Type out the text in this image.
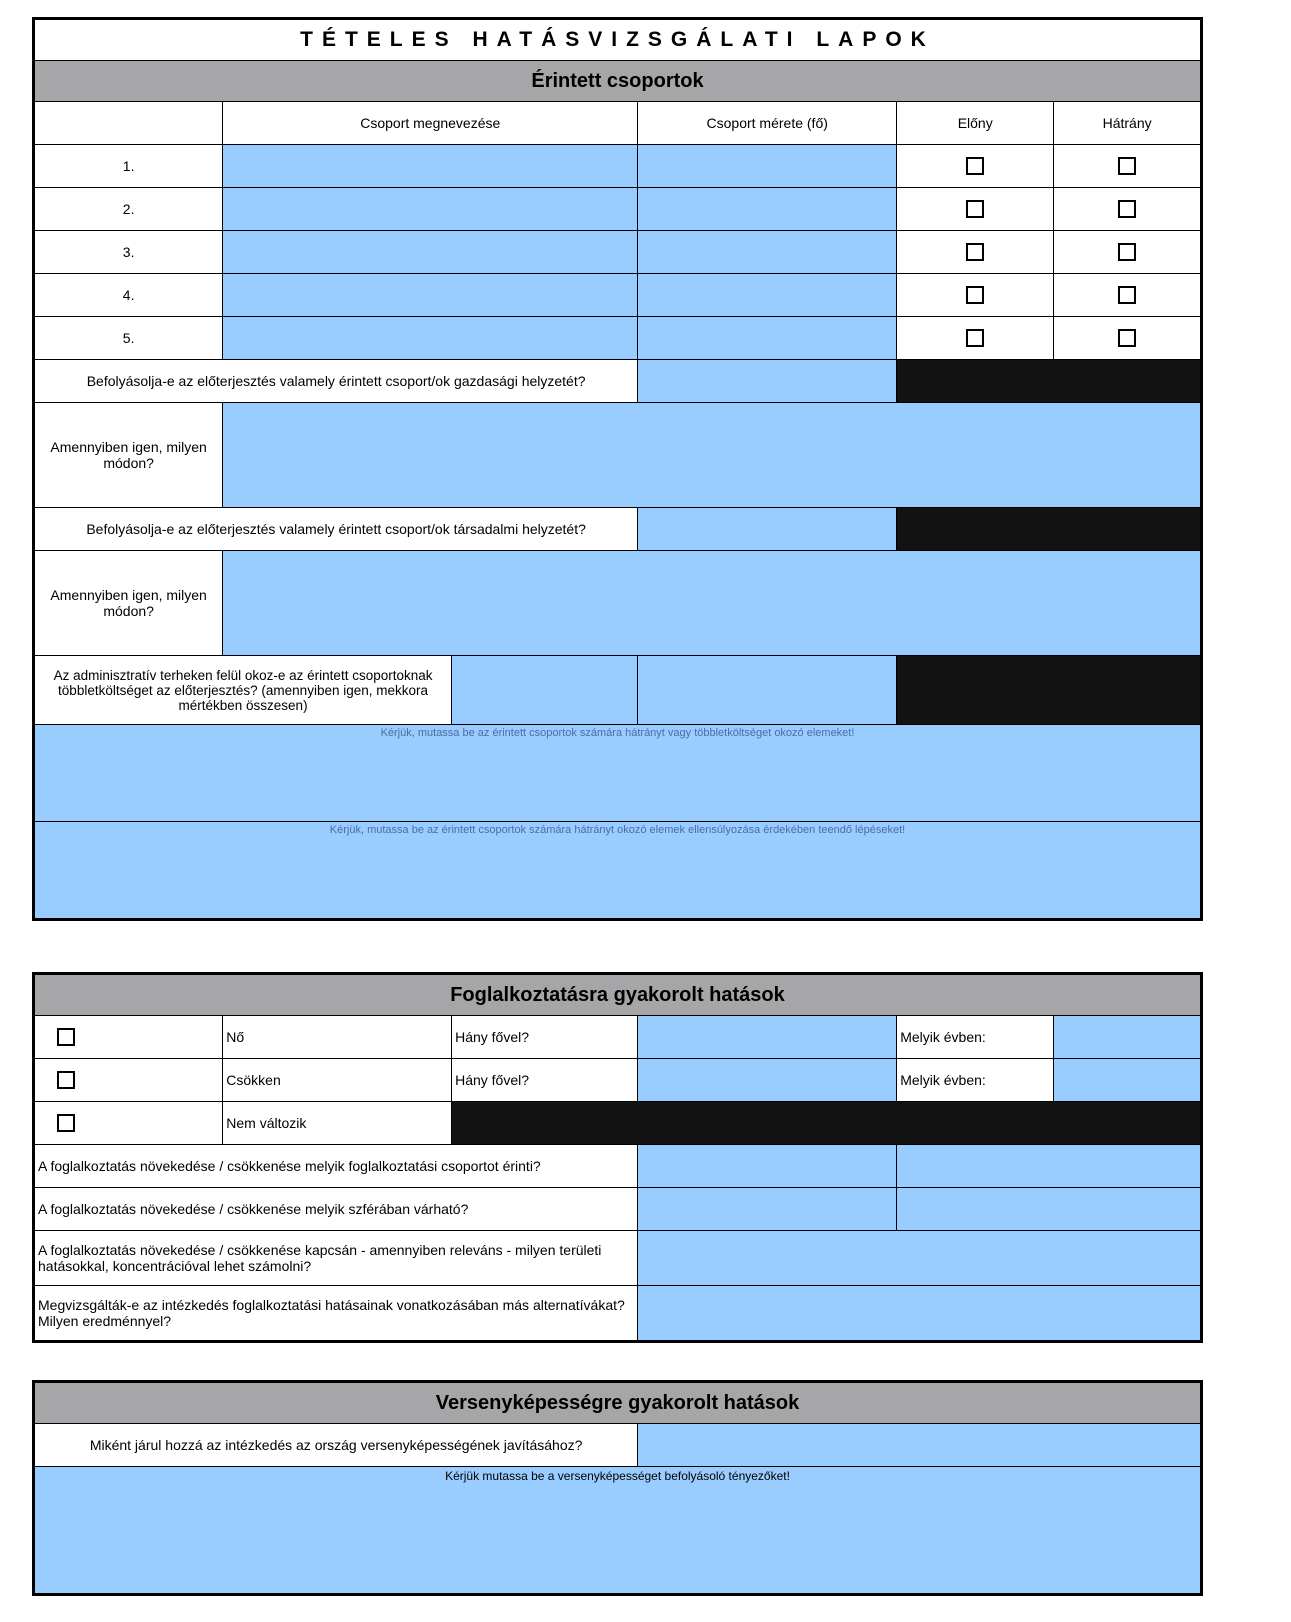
TÉTELES HATÁSVIZSGÁLATI LAPOK					
Érintett csoportok					
	Csoport megnevezése		Csoport mérete (fő)	Előny	Hátrány
1.					
2.					
3.					
4.					
5.					
Befolyásolja-e az előterjesztés valamely érintett csoport/ok gazdasági helyzetét?					
Amennyiben igen, milyen módon?					
Befolyásolja-e az előterjesztés valamely érintett csoport/ok társadalmi helyzetét?					
Amennyiben igen, milyen módon?					
Az adminisztratív terheken felül okoz-e az érintett csoportoknak többletköltséget az előterjesztés? (amennyiben igen, mekkora mértékben összesen)					
Kérjük, mutassa be az érintett csoportok számára hátrányt vagy többletköltséget okozó elemeket!					
Kérjük, mutassa be az érintett csoportok számára hátrányt okozó elemek ellensúlyozása érdekében teendő lépéseket!					
Foglalkoztatásra gyakorolt hatások					
	Nő	Hány fővel?		Melyik évben:	
	Csökken	Hány fővel?		Melyik évben:	
	Nem változik				
A foglalkoztatás növekedése / csökkenése melyik foglalkoztatási csoportot érinti?					
A foglalkoztatás növekedése / csökkenése melyik szférában várható?					
A foglalkoztatás növekedése / csökkenése kapcsán - amennyiben releváns - milyen területi hatásokkal, koncentrációval lehet számolni?					
Megvizsgálták-e az intézkedés foglalkoztatási hatásainak vonatkozásában más alternatívákat? Milyen eredménnyel?					
Versenyképességre gyakorolt hatások
Miként járul hozzá az intézkedés az ország versenyképességének javításához?	
Kérjük mutassa be a versenyképességet befolyásoló tényezőket!
